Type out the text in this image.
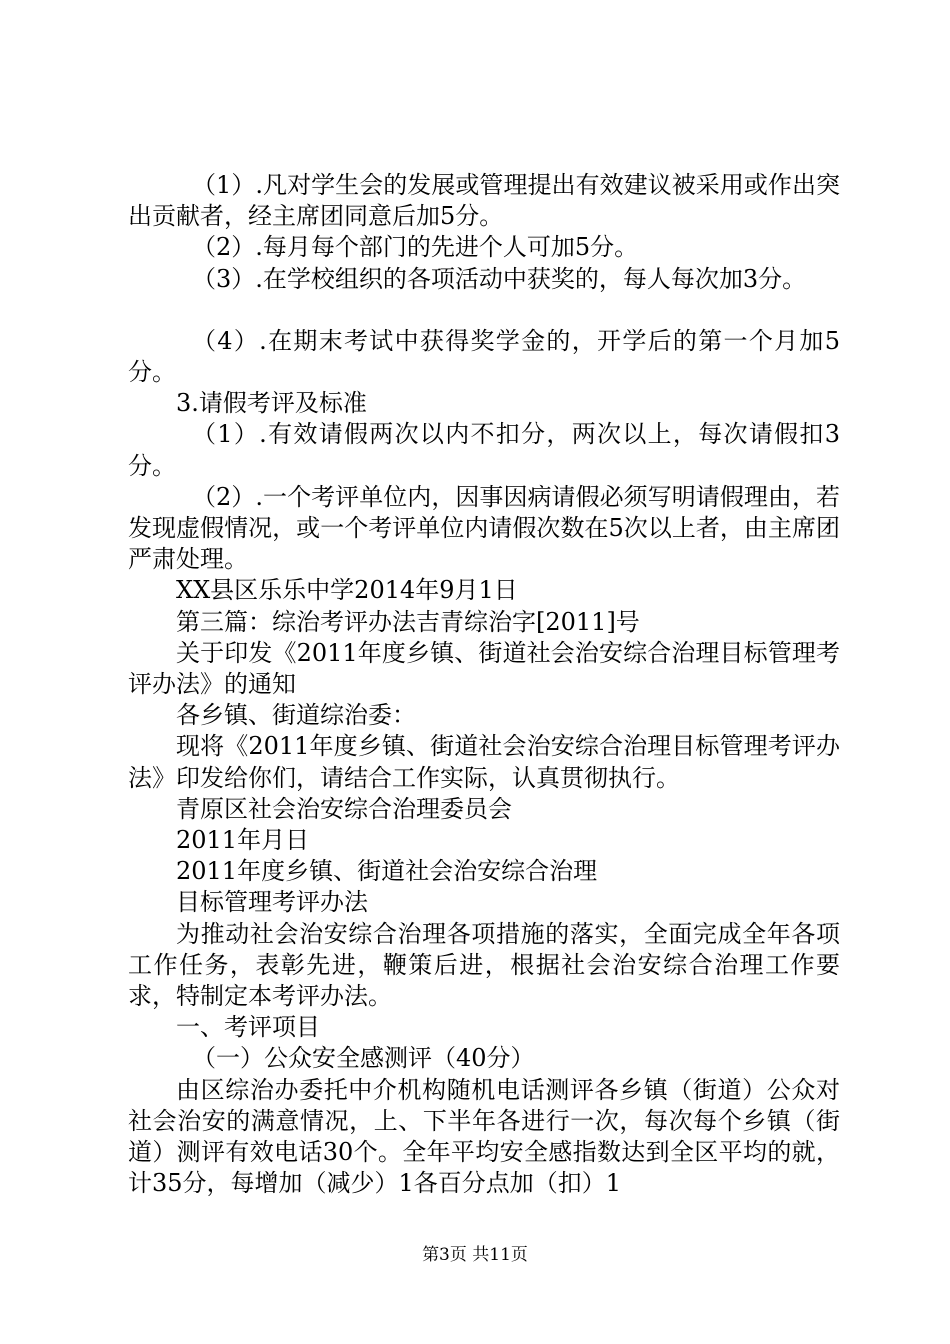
（1）.凡对学生会的发展或管理提出有效建议被采用或作出突出贡献者，经主席团同意后加5分。

（2）.每月每个部门的先进个人可加5分。

（3）.在学校组织的各项活动中获奖的，每人每次加3分。

（4）.在期末考试中获得奖学金的，开学后的第一个月加5分。

3.请假考评及标准

（1）.有效请假两次以内不扣分，两次以上，每次请假扣3分。

（2）.一个考评单位内，因事因病请假必须写明请假理由，若发现虚假情况，或一个考评单位内请假次数在5次以上者，由主席团严肃处理。

XX县区乐乐中学2014年9月1日

第三篇：综治考评办法吉青综治字[2011]号

关于印发《2011年度乡镇、街道社会治安综合治理目标管理考评办法》的通知

各乡镇、街道综治委：

现将《2011年度乡镇、街道社会治安综合治理目标管理考评办法》印发给你们，请结合工作实际，认真贯彻执行。

青原区社会治安综合治理委员会

2011年月日

2011年度乡镇、街道社会治安综合治理

目标管理考评办法

为推动社会治安综合治理各项措施的落实，全面完成全年各项工作任务，表彰先进，鞭策后进，根据社会治安综合治理工作要求，特制定本考评办法。

一、考评项目

（一）公众安全感测评（40分）

由区综治办委托中介机构随机电话测评各乡镇（街道）公众对社会治安的满意情况，上、下半年各进行一次，每次每个乡镇（街道）测评有效电话30个。全年平均安全感指数达到全区平均的就，计35分，每增加（减少）1各百分点加（扣）1

第3页 共11页
